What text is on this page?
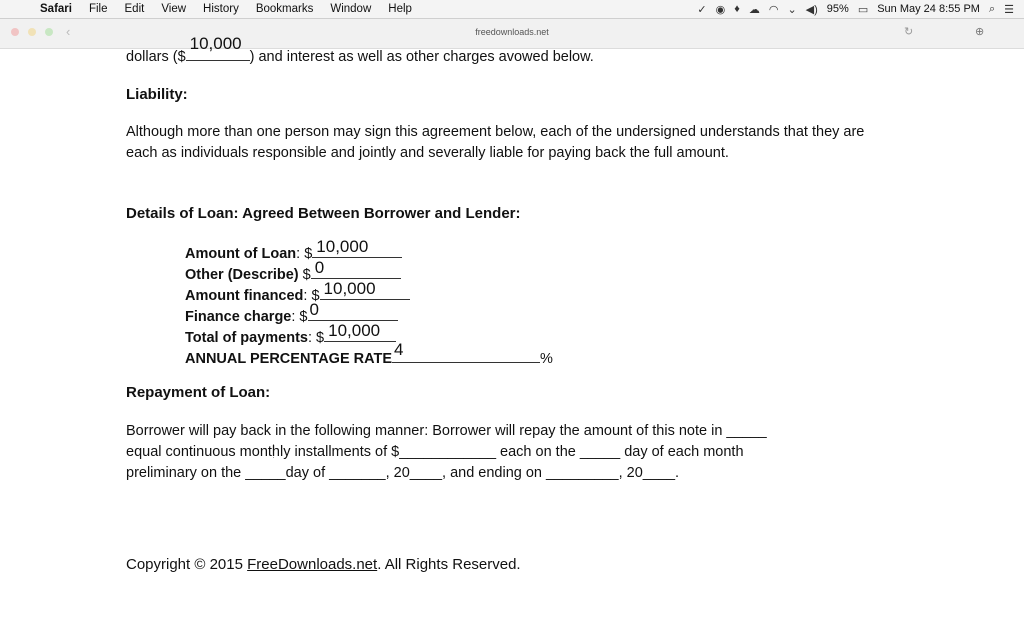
Safari File Edit View History Bookmarks Window Help	✓ ◉ ♦ ☁ ◠ ⌄ ◀) 95% ▭ Sun May 24 8:55 PM ⌕ ☰
‹	freedownloads.net	↻	⊕
dollars ($
10,000
) and interest as well as other charges avowed below.
Liability:
Although more than one person may sign this agreement below, each of the undersigned understands that they are each as individuals responsible and jointly and severally liable for paying back the full amount.
Details of Loan: Agreed Between Borrower and Lender:
Amount of Loan: $ 10,000
Other (Describe) $ 0
Amount financed: $ 10,000
Finance charge: $ 0
Total of payments: $ 10,000
ANNUAL PERCENTAGE RATE 4	%
Repayment of Loan:
Borrower will pay back in the following manner: Borrower will repay the amount of this note in _____
equal continuous monthly installments of $____________ each on the _____ day of each month
preliminary on the _____day of _______, 20____, and ending on _________, 20____.
Copyright © 2015 FreeDownloads.net. All Rights Reserved.
